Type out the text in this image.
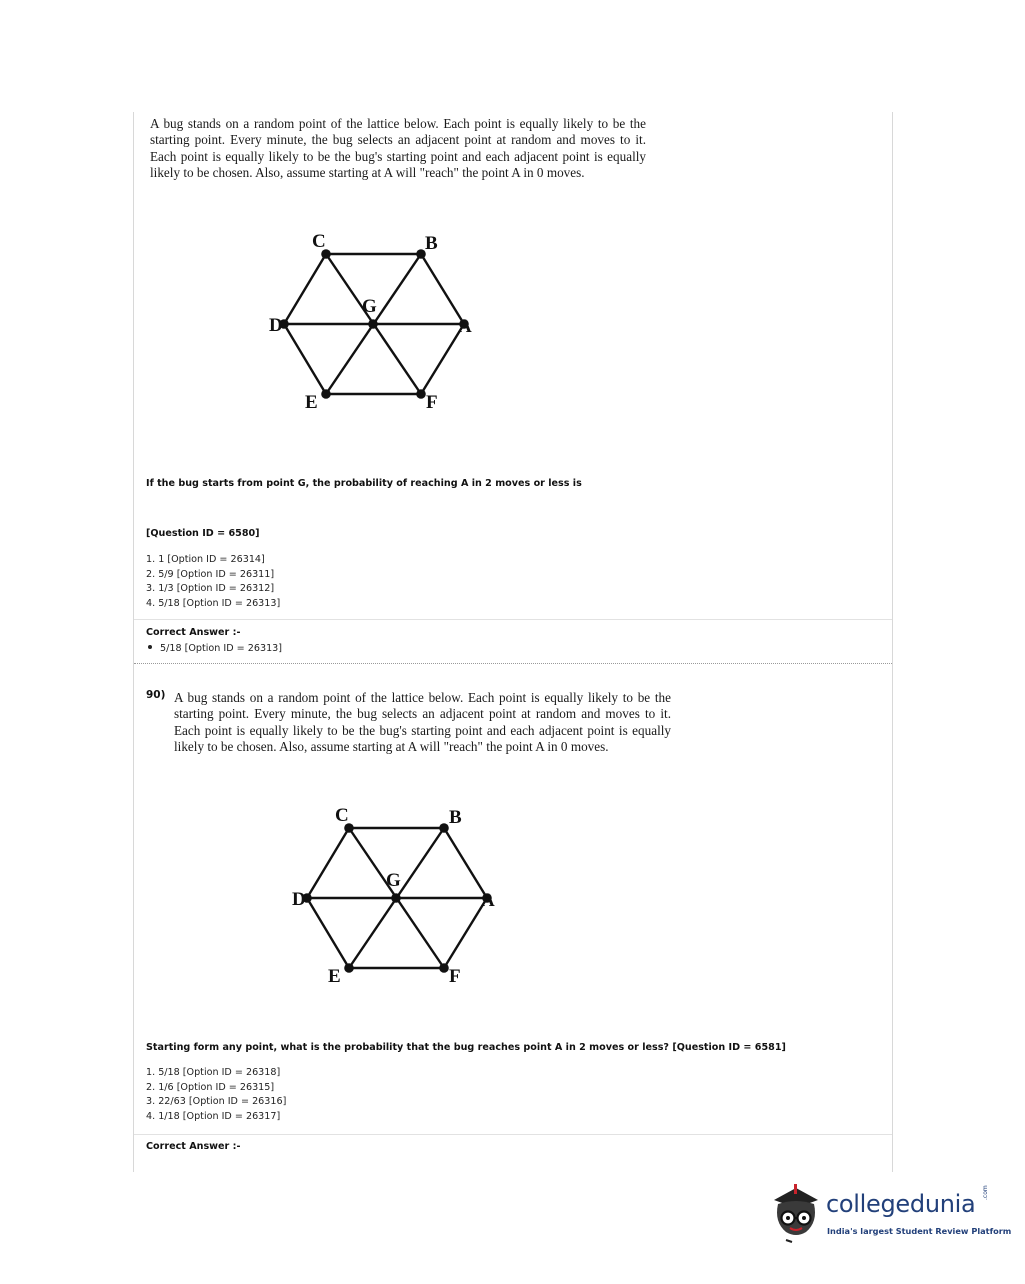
A bug stands on a random point of the lattice below. Each point is equally likely to be the starting point. Every minute, the bug selects an adjacent point at random and moves to it. Each point is equally likely to be the bug's starting point and each adjacent point is equally likely to be chosen. Also, assume starting at A will "reach" the point A in 0 moves.
C	B
G
D	A
E	F
C	B
G
D	A
E	F
If the bug starts from point G, the probability of reaching A in 2 moves or less is
[Question ID = 6580]
1. 1 [Option ID = 26314]
2. 5/9 [Option ID = 26311]
3. 1/3 [Option ID = 26312]
4. 5/18 [Option ID = 26313]
Correct Answer :-
5/18 [Option ID = 26313]
90) A bug stands on a random point of the lattice below. Each point is equally likely to be the starting point. Every minute, the bug selects an adjacent point at random and moves to it. Each point is equally likely to be the bug's starting point and each adjacent point is equally likely to be chosen. Also, assume starting at A will "reach" the point A in 0 moves.
Starting form any point, what is the probability that the bug reaches point A in 2 moves or less? [Question ID = 6581]
1. 5/18 [Option ID = 26318]
2. 1/6 [Option ID = 26315]
3. 22/63 [Option ID = 26316]
4. 1/18 [Option ID = 26317]
Correct Answer :-
collegedunia .com
India's largest Student Review Platform
